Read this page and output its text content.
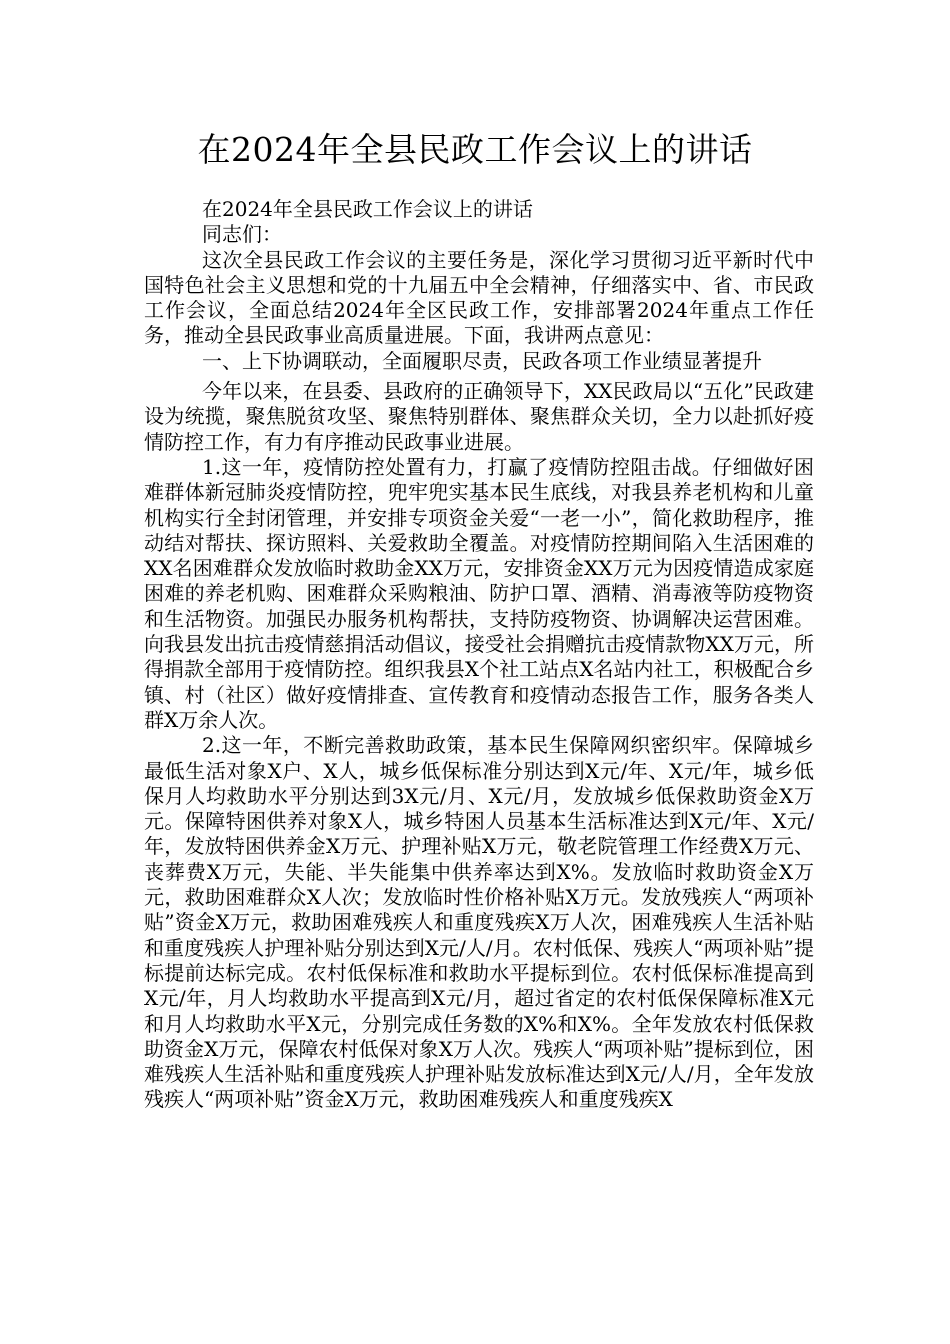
在2024年全县民政工作会议上的讲话

在2024年全县民政工作会议上的讲话

同志们：

这次全县民政工作会议的主要任务是，深化学习贯彻习近平新时代中国特色社会主义思想和党的十九届五中全会精神，仔细落实中、省、市民政工作会议，全面总结2024年全区民政工作，安排部署2024年重点工作任务，推动全县民政事业高质量进展。下面，我讲两点意见：

一、上下协调联动，全面履职尽责，民政各项工作业绩显著提升

今年以来，在县委、县政府的正确领导下，XX民政局以“五化”民政建设为统揽，聚焦脱贫攻坚、聚焦特别群体、聚焦群众关切，全力以赴抓好疫情防控工作，有力有序推动民政事业进展。

1.这一年，疫情防控处置有力，打赢了疫情防控阻击战。仔细做好困难群体新冠肺炎疫情防控，兜牢兜实基本民生底线，对我县养老机构和儿童机构实行全封闭管理，并安排专项资金关爱“一老一小”，简化救助程序，推动结对帮扶、探访照料、关爱救助全覆盖。对疫情防控期间陷入生活困难的XX名困难群众发放临时救助金XX万元，安排资金XX万元为因疫情造成家庭困难的养老机购、困难群众采购粮油、防护口罩、酒精、消毒液等防疫物资和生活物资。加强民办服务机构帮扶，支持防疫物资、协调解决运营困难。向我县发出抗击疫情慈捐活动倡议，接受社会捐赠抗击疫情款物XX万元，所得捐款全部用于疫情防控。组织我县X个社工站点X名站内社工，积极配合乡镇、村（社区）做好疫情排查、宣传教育和疫情动态报告工作，服务各类人群X万余人次。

2.这一年，不断完善救助政策，基本民生保障网织密织牢。保障城乡最低生活对象X户、X人，城乡低保标准分别达到X元/年、X元/年，城乡低保月人均救助水平分别达到3X元/月、X元/月，发放城乡低保救助资金X万元。保障特困供养对象X人，城乡特困人员基本生活标准达到X元/年、X元/年，发放特困供养金X万元、护理补贴X万元，敬老院管理工作经费X万元、丧葬费X万元，失能、半失能集中供养率达到X%。发放临时救助资金X万元，救助困难群众X人次；发放临时性价格补贴X万元。发放残疾人“两项补贴”资金X万元，救助困难残疾人和重度残疾X万人次，困难残疾人生活补贴和重度残疾人护理补贴分别达到X元/人/月。农村低保、残疾人“两项补贴”提标提前达标完成。农村低保标准和救助水平提标到位。农村低保标准提高到X元/年，月人均救助水平提高到X元/月，超过省定的农村低保保障标准X元和月人均救助水平X元，分别完成任务数的X%和X%。全年发放农村低保救助资金X万元，保障农村低保对象X万人次。残疾人“两项补贴”提标到位，困难残疾人生活补贴和重度残疾人护理补贴发放标准达到X元/人/月，全年发放残疾人“两项补贴”资金X万元，救助困难残疾人和重度残疾X
